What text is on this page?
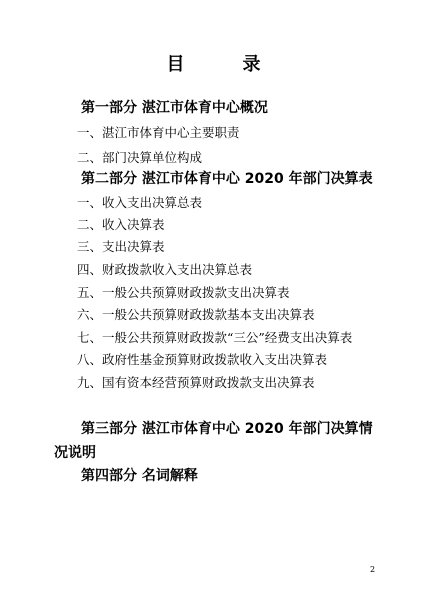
目录
第一部分 湛江市体育中心概况
一、湛江市体育中心主要职责
二、部门决算单位构成
第二部分 湛江市体育中心 2020 年部门决算表
一、收入支出决算总表
二、收入决算表
三、支出决算表
四、财政拨款收入支出决算总表
五、一般公共预算财政拨款支出决算表
六、一般公共预算财政拨款基本支出决算表
七、一般公共预算财政拨款“三公”经费支出决算表
八、政府性基金预算财政拨款收入支出决算表
九、国有资本经营预算财政拨款支出决算表
第三部分 湛江市体育中心 2020 年部门决算情况说明
第四部分 名词解释
2
